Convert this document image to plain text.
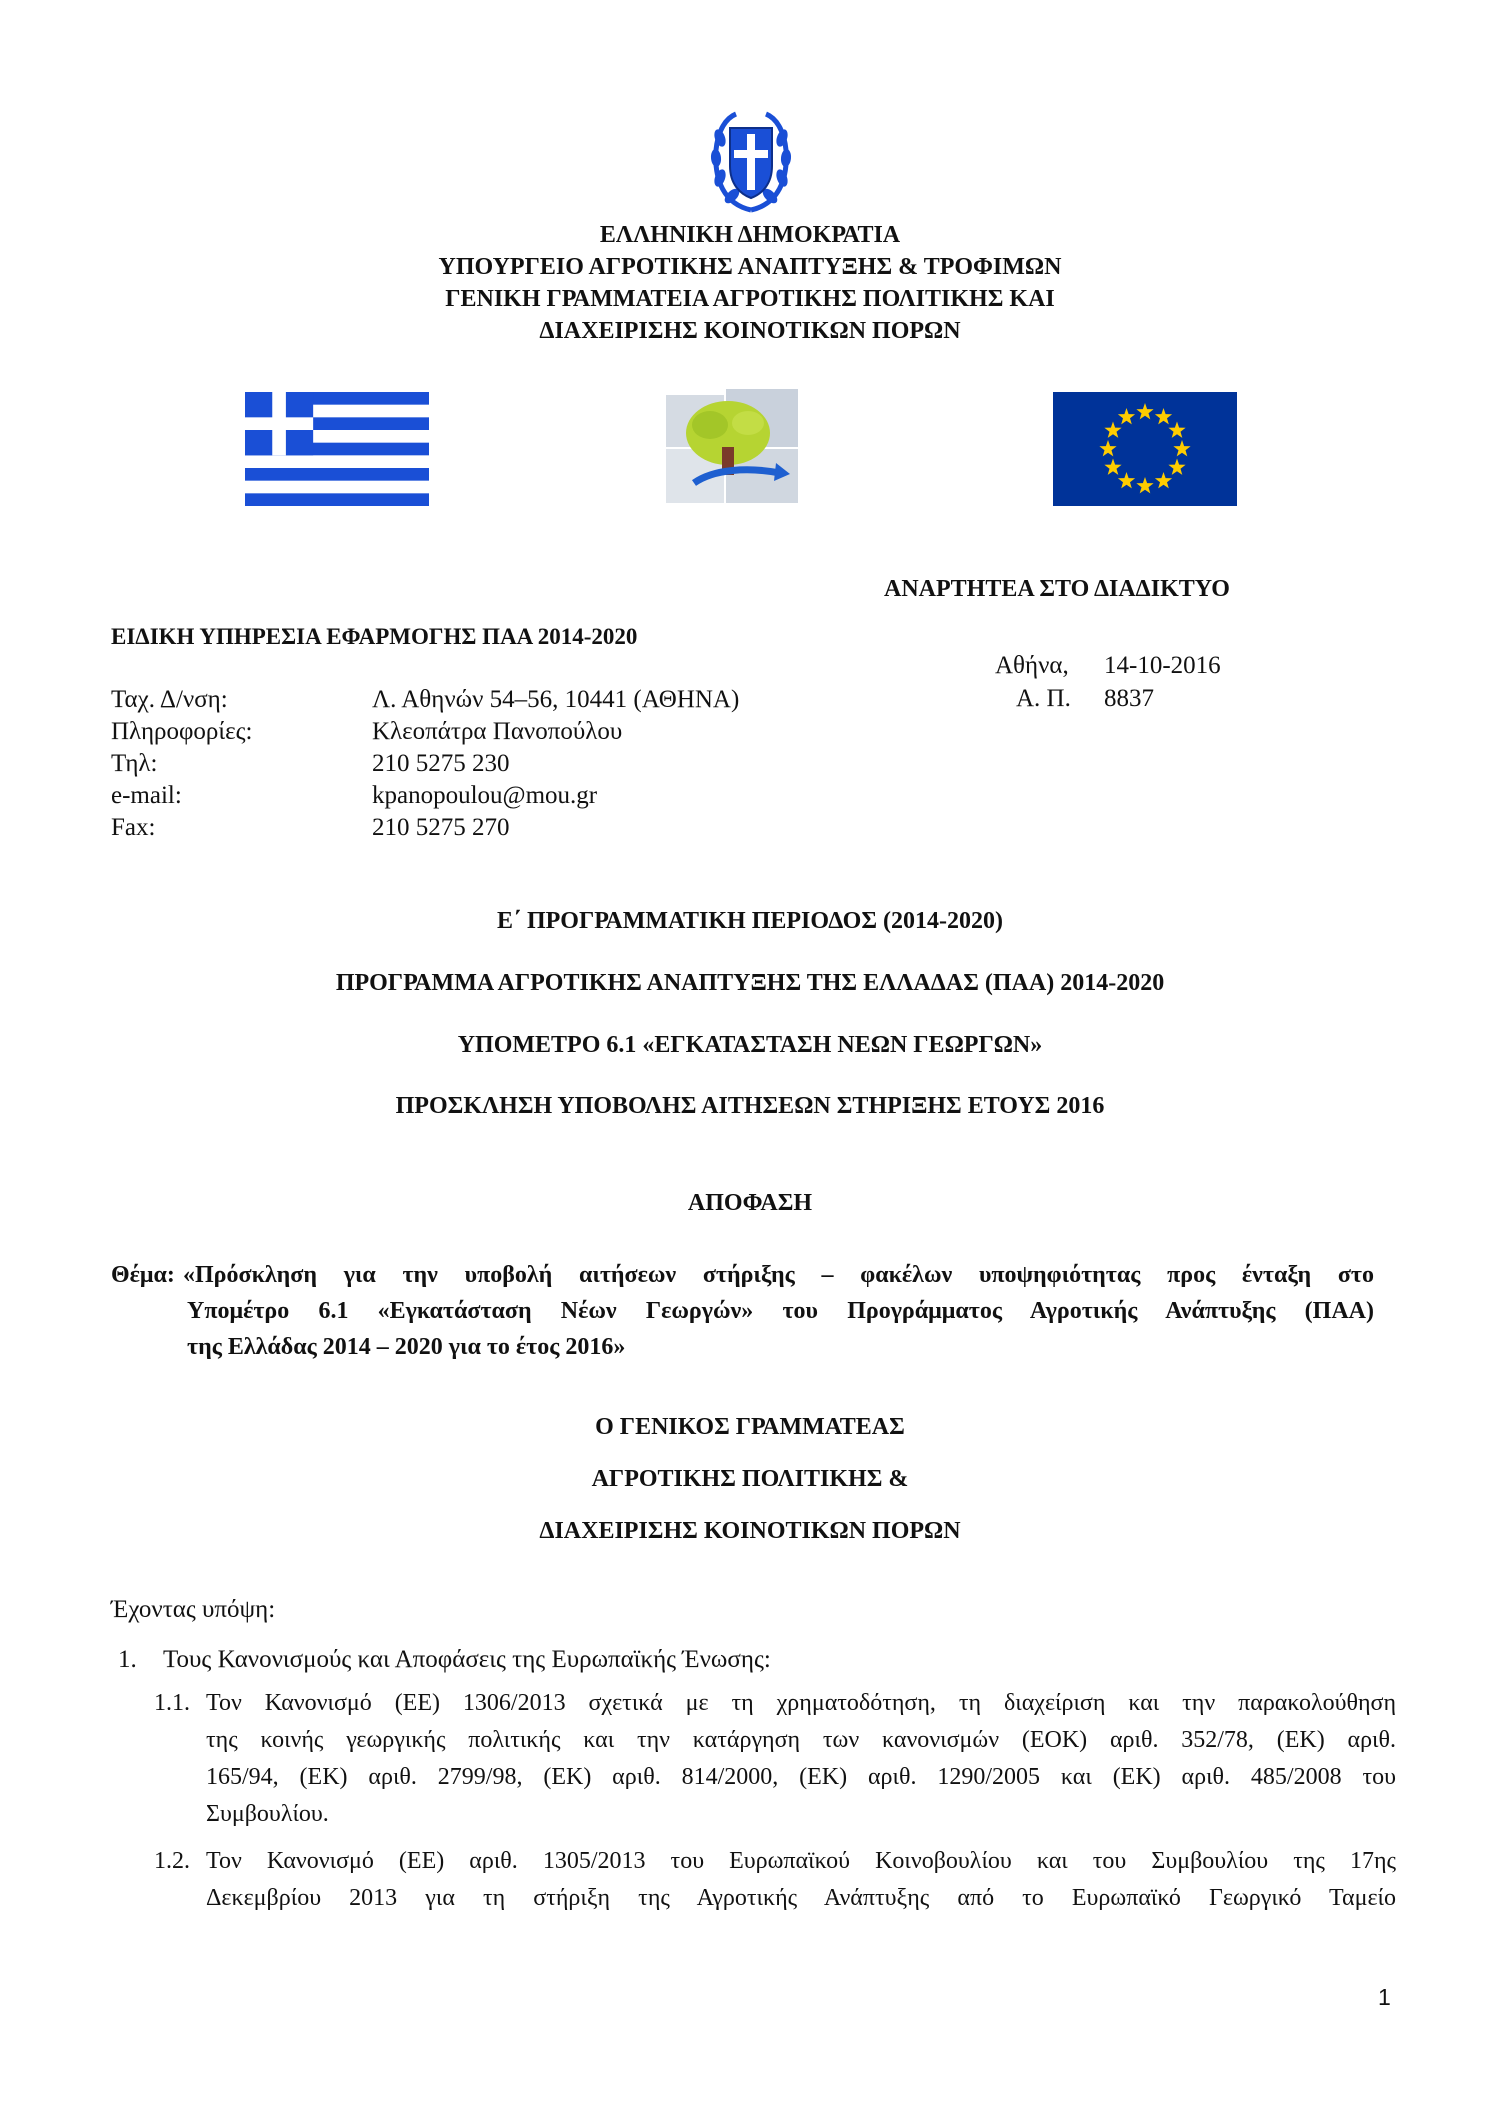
ΕΛΛΗΝΙΚΗ ΔΗΜΟΚΡΑΤΙΑ
ΥΠΟΥΡΓΕΙΟ ΑΓΡΟΤΙΚΗΣ ΑΝΑΠΤΥΞΗΣ & ΤΡΟΦΙΜΩΝ
ΓΕΝΙΚΗ ΓΡΑΜΜΑΤΕΙΑ ΑΓΡΟΤΙΚΗΣ ΠΟΛΙΤΙΚΗΣ ΚΑΙ
ΔΙΑΧΕΙΡΙΣΗΣ ΚΟΙΝΟΤΙΚΩΝ ΠΟΡΩΝ
ΑΝΑΡΤΗΤΕΑ ΣΤΟ ΔΙΑΔΙΚΤΥΟ
ΕΙΔΙΚΗ ΥΠΗΡΕΣΙΑ ΕΦΑΡΜΟΓΗΣ ΠΑΑ 2014-2020
Αθήνα, 14-10-2016
Α. Π. 8837
Ταχ. Δ/νση:	Λ. Αθηνών 54–56, 10441 (ΑΘΗΝΑ)
Πληροφορίες:	Κλεοπάτρα Πανοπούλου
Τηλ:	210 5275 230
e-mail:	kpanopoulou@mou.gr
Fax:	210 5275 270
Ε΄ ΠΡΟΓΡΑΜΜΑΤΙΚΗ ΠΕΡΙΟΔΟΣ (2014-2020)
ΠΡΟΓΡΑΜΜΑ ΑΓΡΟΤΙΚΗΣ ΑΝΑΠΤΥΞΗΣ ΤΗΣ ΕΛΛΑΔΑΣ (ΠΑΑ) 2014-2020
ΥΠΟΜΕΤΡΟ 6.1 «ΕΓΚΑΤΑΣΤΑΣΗ ΝΕΩΝ ΓΕΩΡΓΩΝ»
ΠΡΟΣΚΛΗΣΗ ΥΠΟΒΟΛΗΣ ΑΙΤΗΣΕΩΝ ΣΤΗΡΙΞΗΣ ΕΤΟΥΣ 2016
ΑΠΟΦΑΣΗ
Θέμα: «Πρόσκληση για την υποβολή αιτήσεων στήριξης – φακέλων υποψηφιότητας προς ένταξη στο
Υπομέτρο 6.1 «Εγκατάσταση Νέων Γεωργών» του Προγράμματος Αγροτικής Ανάπτυξης (ΠΑΑ)
της Ελλάδας 2014 – 2020 για το έτος 2016»
Ο ΓΕΝΙΚΟΣ ΓΡΑΜΜΑΤΕΑΣ
ΑΓΡΟΤΙΚΗΣ ΠΟΛΙΤΙΚΗΣ &
ΔΙΑΧΕΙΡΙΣΗΣ ΚΟΙΝΟΤΙΚΩΝ ΠΟΡΩΝ
Έχοντας υπόψη:
1. Τους Κανονισμούς και Αποφάσεις της Ευρωπαϊκής Ένωσης:
1.1. Τον Κανονισμό (ΕΕ) 1306/2013 σχετικά με τη χρηματοδότηση, τη διαχείριση και την παρακολούθηση
της κοινής γεωργικής πολιτικής και την κατάργηση των κανονισμών (ΕΟΚ) αριθ. 352/78, (ΕΚ) αριθ.
165/94, (ΕΚ) αριθ. 2799/98, (ΕΚ) αριθ. 814/2000, (ΕΚ) αριθ. 1290/2005 και (ΕΚ) αριθ. 485/2008 του
Συμβουλίου.
1.2. Τον Κανονισμό (ΕΕ) αριθ. 1305/2013 του Ευρωπαϊκού Κοινοβουλίου και του Συμβουλίου της 17ης
Δεκεμβρίου 2013 για τη στήριξη της Αγροτικής Ανάπτυξης από το Ευρωπαϊκό Γεωργικό Ταμείο
1
